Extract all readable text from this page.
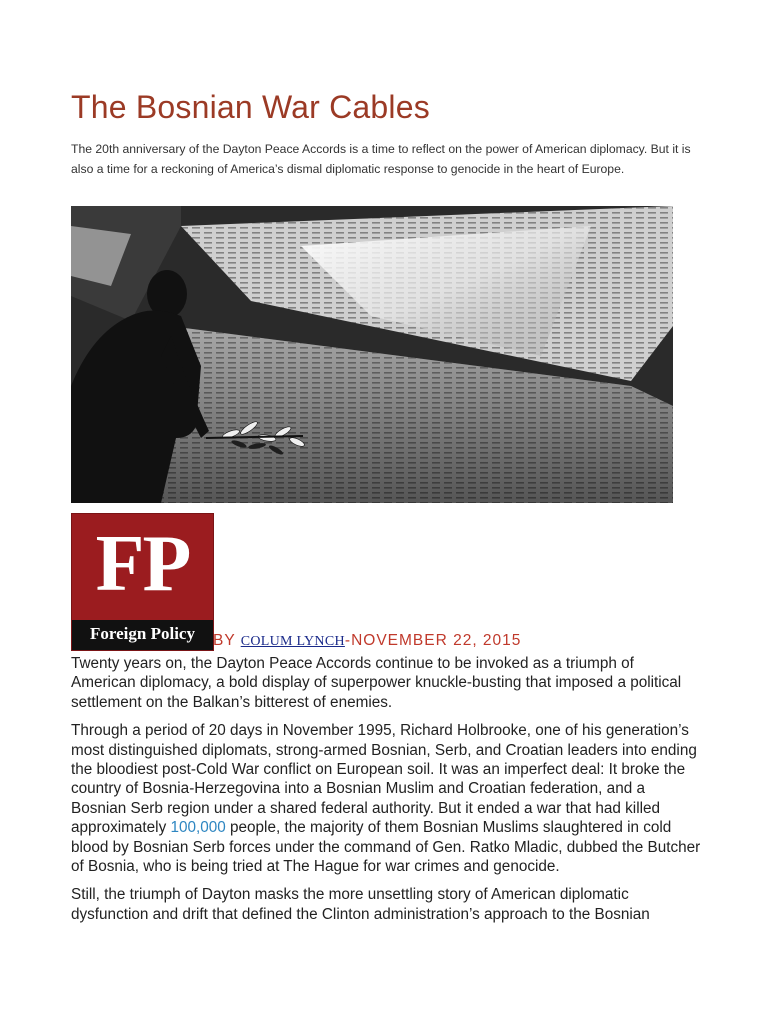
The Bosnian War Cables

The 20th anniversary of the Dayton Peace Accords is a time to reflect on the power of American diplomacy. But it is also a time for a reckoning of America’s dismal diplomatic response to genocide in the heart of Europe.

FP
Foreign Policy	BY COLUM LYNCH-NOVEMBER 22, 2015

Twenty years on, the Dayton Peace Accords continue to be invoked as a triumph of American diplomacy, a bold display of superpower knuckle-busting that imposed a political settlement on the Balkan’s bitterest of enemies.

Through a period of 20 days in November 1995, Richard Holbrooke, one of his generation’s most distinguished diplomats, strong-armed Bosnian, Serb, and Croatian leaders into ending the bloodiest post-Cold War conflict on European soil. It was an imperfect deal: It broke the country of Bosnia-Herzegovina into a Bosnian Muslim and Croatian federation, and a Bosnian Serb region under a shared federal authority. But it ended a war that had killed approximately 100,000 people, the majority of them Bosnian Muslims slaughtered in cold blood by Bosnian Serb forces under the command of Gen. Ratko Mladic, dubbed the Butcher of Bosnia, who is being tried at The Hague for war crimes and genocide.

Still, the triumph of Dayton masks the more unsettling story of American diplomatic dysfunction and drift that defined the Clinton administration’s approach to the Bosnian
